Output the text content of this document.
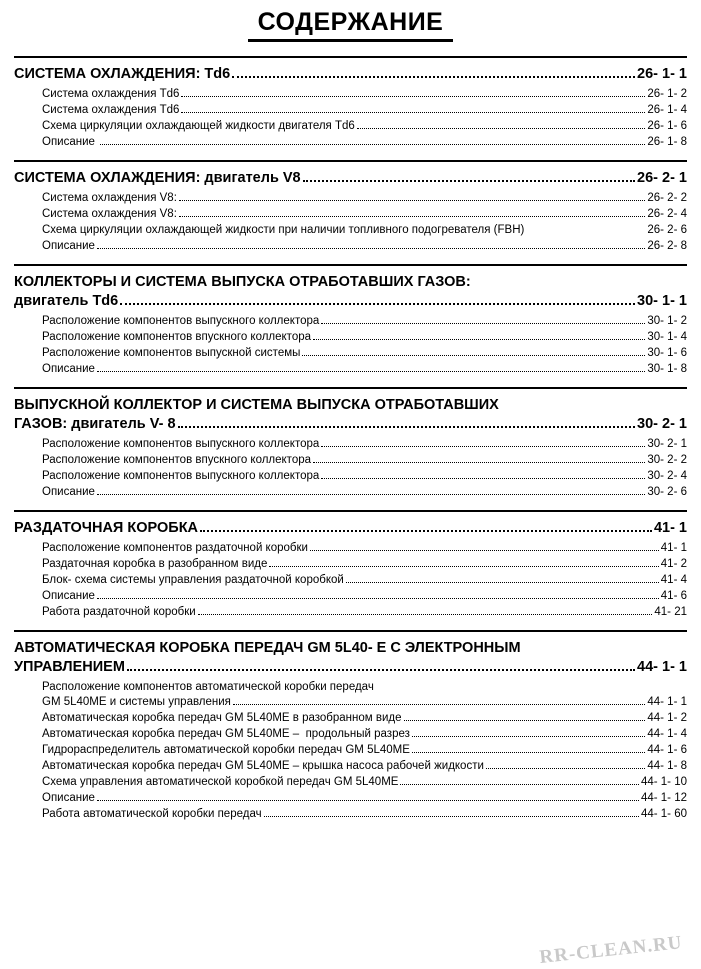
СОДЕРЖАНИЕ
СИСТЕМА ОХЛАЖДЕНИЯ: Td6	26- 1- 1
Система охлаждения Td6	26- 1- 2
Система охлаждения Td6	26- 1- 4
Схема циркуляции охлаждающей жидкости двигателя Td6	26- 1- 6
Описание	26- 1- 8
СИСТЕМА ОХЛАЖДЕНИЯ: двигатель V8	26- 2- 1
Система охлаждения V8:	26- 2- 2
Система охлаждения V8:	26- 2- 4
Схема циркуляции охлаждающей жидкости при наличии топливного подогревателя (FBH)	26- 2- 6
Описание	26- 2- 8
КОЛЛЕКТОРЫ И СИСТЕМА ВЫПУСКА ОТРАБОТАВШИХ ГАЗОВ:
двигатель Td6	30- 1- 1
Расположение компонентов выпускного коллектора	30- 1- 2
Расположение компонентов впускного коллектора	30- 1- 4
Расположение компонентов выпускной системы	30- 1- 6
Описание	30- 1- 8
ВЫПУСКНОЙ КОЛЛЕКТОР И СИСТЕМА ВЫПУСКА ОТРАБОТАВШИХ
ГАЗОВ: двигатель V- 8	30- 2- 1
Расположение компонентов выпускного коллектора	30- 2- 1
Расположение компонентов впускного коллектора	30- 2- 2
Расположение компонентов выпускного коллектора	30- 2- 4
Описание	30- 2- 6
РАЗДАТОЧНАЯ КОРОБКА	41- 1
Расположение компонентов раздаточной коробки	41- 1
Раздаточная коробка в разобранном виде	41- 2
Блок- схема системы управления раздаточной коробкой	41- 4
Описание	41- 6
Работа раздаточной коробки	41- 21
АВТОМАТИЧЕСКАЯ КОРОБКА ПЕРЕДАЧ GM 5L40- Е С ЭЛЕКТРОННЫМ
УПРАВЛЕНИЕМ	44- 1- 1
Расположение компонентов автоматической коробки передач
GM 5L40МЕ и системы управления	44- 1- 1
Автоматическая коробка передач GM 5L40МЕ в разобранном виде	44- 1- 2
Автоматическая коробка передач GM 5L40МЕ –  продольный разрез	44- 1- 4
Гидрораспределитель автоматической коробки передач GM 5L40МЕ	44- 1- 6
Автоматическая коробка передач GM 5L40МЕ – крышка насоса рабочей жидкости	44- 1- 8
Схема управления автоматической коробкой передач GM 5L40МЕ	44- 1- 10
Описание	44- 1- 12
Работа автоматической коробки передач	44- 1- 60
RR-CLEAN.RU
